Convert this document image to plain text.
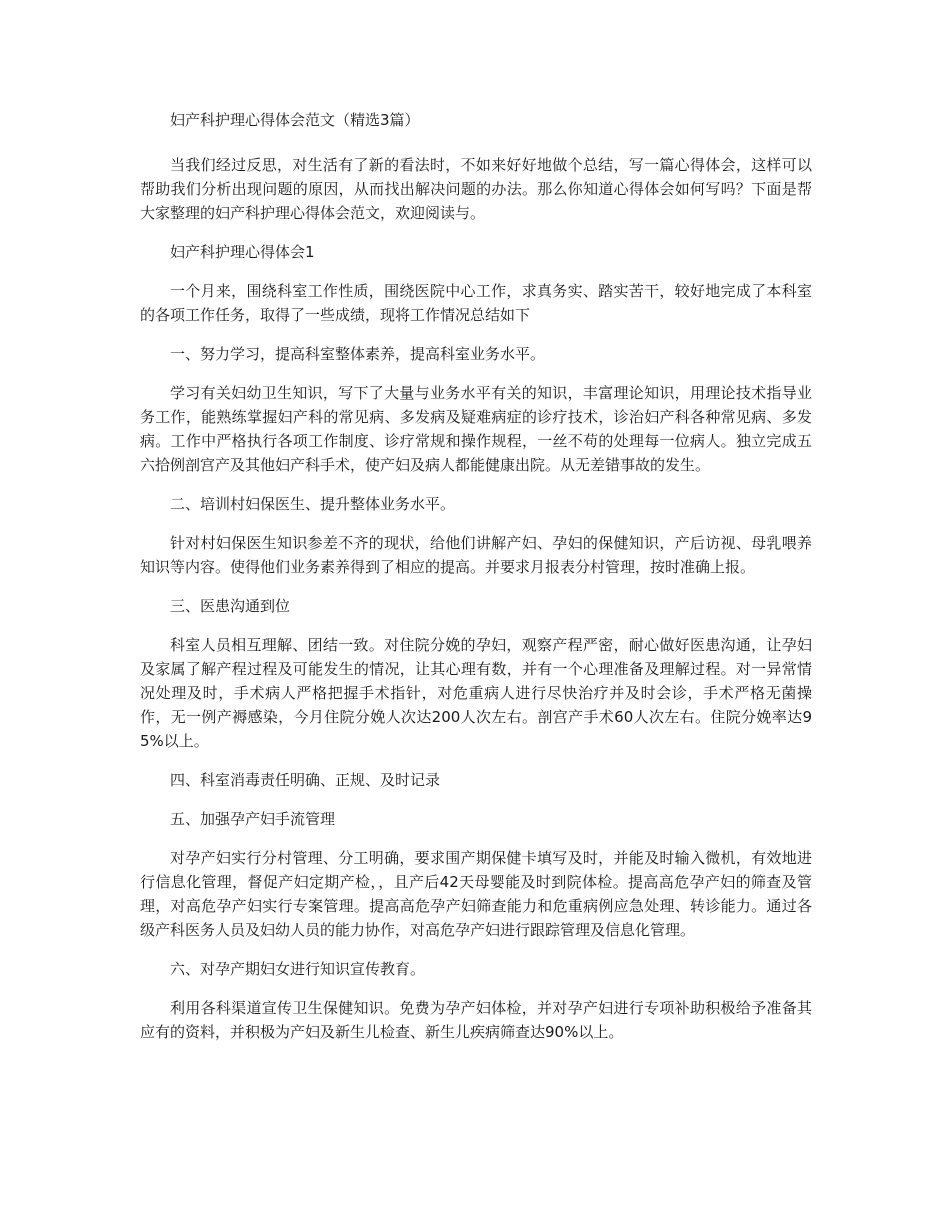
妇产科护理心得体会范文（精选3篇）

当我们经过反思，对生活有了新的看法时，不如来好好地做个总结，写一篇心得体会，这样可以帮助我们分析出现问题的原因，从而找出解决问题的办法。那么你知道心得体会如何写吗？下面是帮大家整理的妇产科护理心得体会范文，欢迎阅读与。

妇产科护理心得体会1

一个月来，围绕科室工作性质，围绕医院中心工作，求真务实、踏实苦干，较好地完成了本科室的各项工作任务，取得了一些成绩，现将工作情况总结如下

一、努力学习，提高科室整体素养，提高科室业务水平。

学习有关妇幼卫生知识，写下了大量与业务水平有关的知识，丰富理论知识，用理论技术指导业务工作，能熟练掌握妇产科的常见病、多发病及疑难病症的诊疗技术，诊治妇产科各种常见病、多发病。工作中严格执行各项工作制度、诊疗常规和操作规程，一丝不苟的处理每一位病人。独立完成五六拾例剖宫产及其他妇产科手术，使产妇及病人都能健康出院。从无差错事故的发生。

二、培训村妇保医生、提升整体业务水平。

针对村妇保医生知识参差不齐的现状，给他们讲解产妇、孕妇的保健知识，产后访视、母乳喂养知识等内容。使得他们业务素养得到了相应的提高。并要求月报表分村管理，按时准确上报。

三、医患沟通到位

科室人员相互理解、团结一致。对住院分娩的孕妇，观察产程严密，耐心做好医患沟通，让孕妇及家属了解产程过程及可能发生的情况，让其心理有数，并有一个心理准备及理解过程。对一异常情况处理及时，手术病人严格把握手术指针，对危重病人进行尽快治疗并及时会诊，手术严格无菌操作，无一例产褥感染，今月住院分娩人次达200人次左右。剖宫产手术60人次左右。住院分娩率达95%以上。

四、科室消毒责任明确、正规、及时记录

五、加强孕产妇手流管理

对孕产妇实行分村管理、分工明确，要求围产期保健卡填写及时，并能及时输入微机，有效地进行信息化管理，督促产妇定期产检，，且产后42天母婴能及时到院体检。提高高危孕产妇的筛查及管理，对高危孕产妇实行专案管理。提高高危孕产妇筛查能力和危重病例应急处理、转诊能力。通过各级产科医务人员及妇幼人员的能力协作，对高危孕产妇进行跟踪管理及信息化管理。

六、对孕产期妇女进行知识宣传教育。

利用各科渠道宣传卫生保健知识。免费为孕产妇体检，并对孕产妇进行专项补助积极给予准备其应有的资料，并积极为产妇及新生儿检查、新生儿疾病筛查达90%以上。
